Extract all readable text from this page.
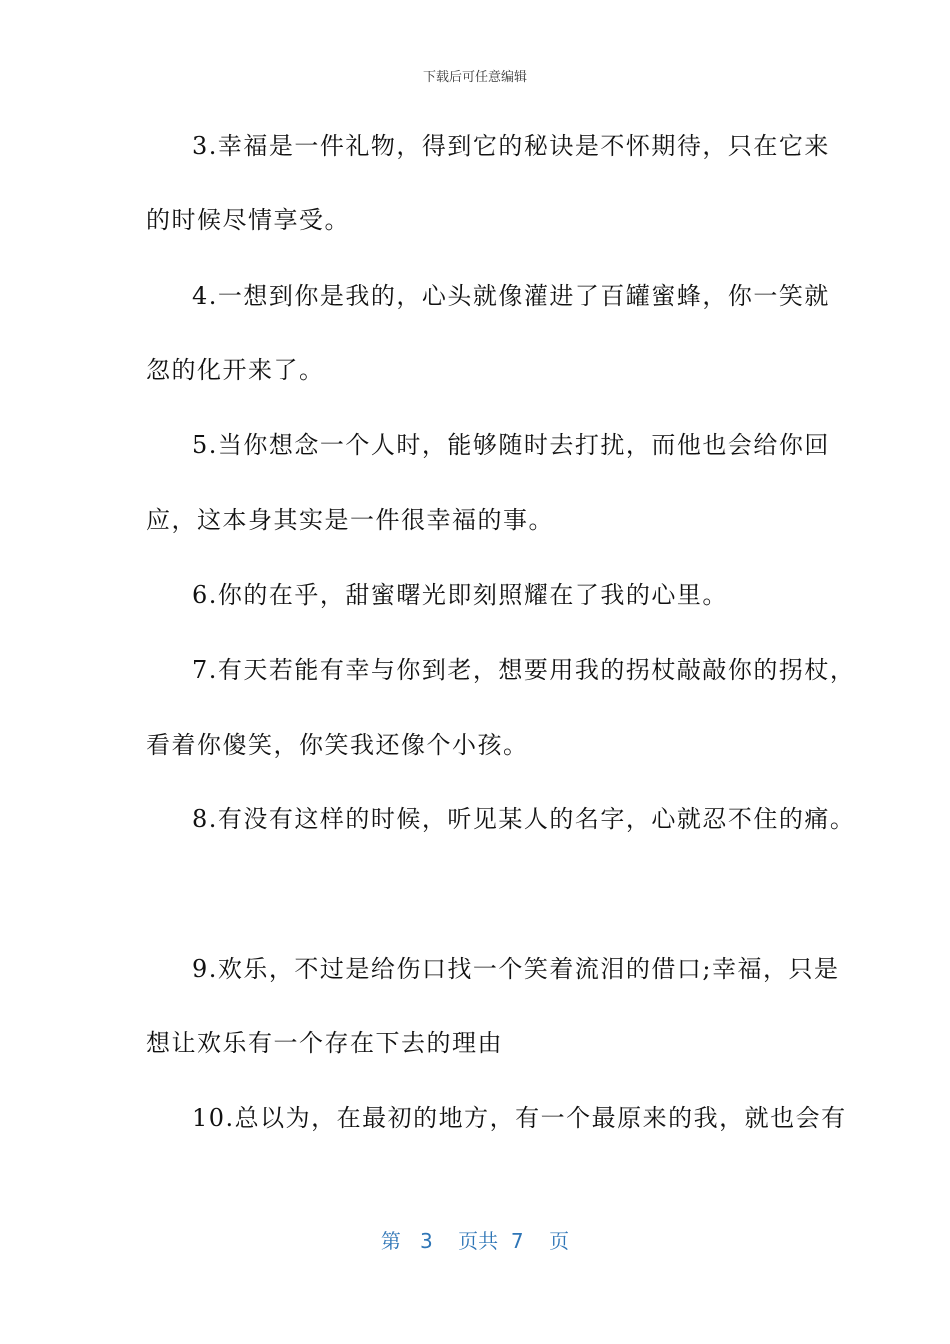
下载后可任意编辑
3.幸福是一件礼物，得到它的秘诀是不怀期待，只在它来
的时候尽情享受。
4.一想到你是我的，心头就像灌进了百罐蜜蜂，你一笑就
忽的化开来了。
5.当你想念一个人时，能够随时去打扰，而他也会给你回
应，这本身其实是一件很幸福的事。
6.你的在乎，甜蜜曙光即刻照耀在了我的心里。
7.有天若能有幸与你到老，想要用我的拐杖敲敲你的拐杖，
看着你傻笑，你笑我还像个小孩。
8.有没有这样的时候，听见某人的名字，心就忍不住的痛。
9.欢乐，不过是给伤口找一个笑着流泪的借口;幸福，只是
想让欢乐有一个存在下去的理由
10.总以为，在最初的地方，有一个最原来的我，就也会有
第 3 页共 7 页
